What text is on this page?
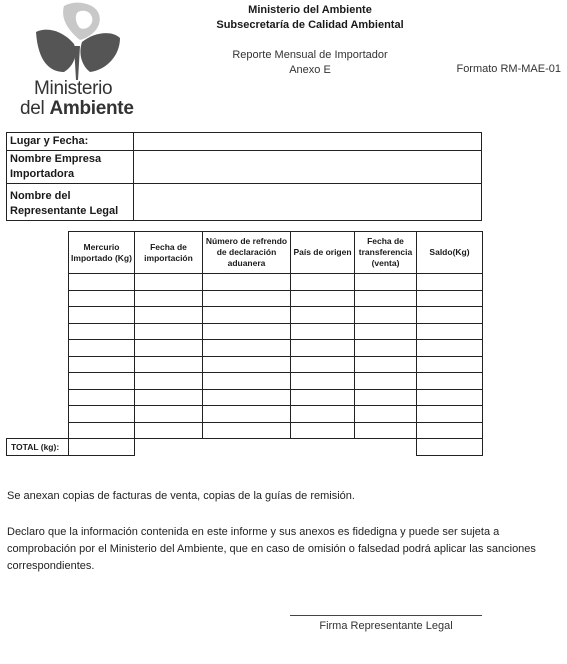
Ministerio
del Ambiente
Ministerio del Ambiente
Subsecretaría de Calidad Ambiental
Reporte Mensual de Importador
Anexo E	Formato RM-MAE-01
Lugar y Fecha:	
Nombre Empresa Importadora	
Nombre del Representante Legal	
	Mercurio Importado (Kg)	Fecha de importación	Número de refrendo de declaración aduanera	País de origen	Fecha de transferencia (venta)	Saldo(Kg)

TOTAL (kg):						
Se anexan copias de facturas de venta, copias de la guías de remisión.
Declaro que la información contenida en este informe y sus anexos es fidedigna y puede ser sujeta a comprobación por el Ministerio del Ambiente, que en caso de omisión o falsedad podrá aplicar las sanciones correspondientes.
Firma Representante Legal
